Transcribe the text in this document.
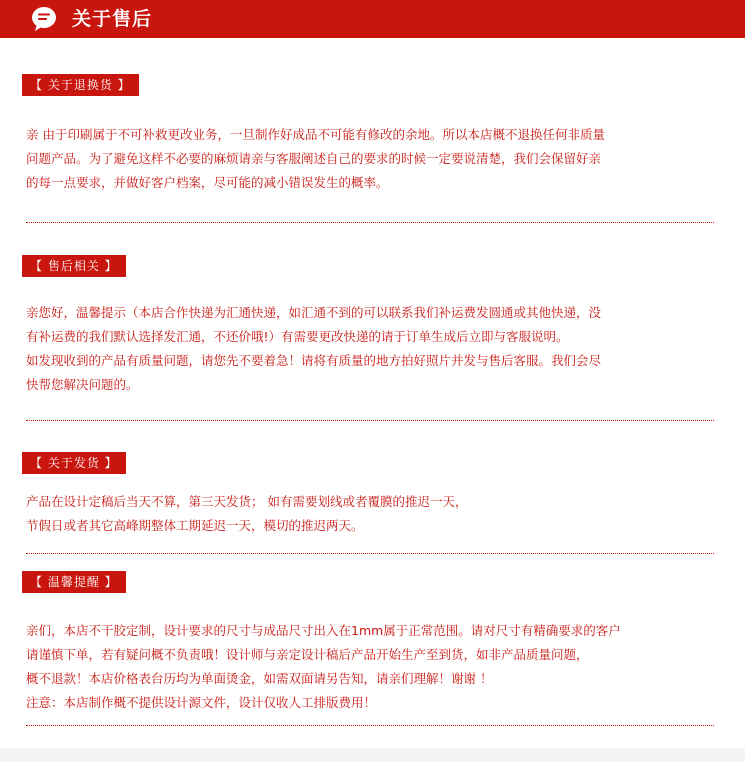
关于售后
【 关于退换货 】
亲 由于印刷属于不可补救更改业务，一旦制作好成品不可能有修改的余地。所以本店概不退换任何非质量
问题产品。为了避免这样不必要的麻烦请亲与客服阐述自己的要求的时候一定要说清楚，我们会保留好亲
的每一点要求，并做好客户档案，尽可能的减小错误发生的概率。
【 售后相关 】
亲您好，温馨提示（本店合作快递为汇通快递，如汇通不到的可以联系我们补运费发圆通或其他快递，没
有补运费的我们默认选择发汇通，不还价哦!）有需要更改快递的请于订单生成后立即与客服说明。
如发现收到的产品有质量问题，请您先不要着急！请将有质量的地方拍好照片并发与售后客服。我们会尽
快帮您解决问题的。
【 关于发货 】
产品在设计定稿后当天不算，第三天发货； 如有需要划线或者覆膜的推迟一天，
节假日或者其它高峰期整体工期延迟一天，模切的推迟两天。
【 温馨提醒 】
亲们，本店不干胶定制，设计要求的尺寸与成品尺寸出入在1mm属于正常范围。请对尺寸有精确要求的客户
请谨慎下单，若有疑问概不负责哦！设计师与亲定设计稿后产品开始生产至到货，如非产品质量问题，
概不退款！本店价格表台历均为单面烫金，如需双面请另告知，请亲们理解！谢谢 ！
注意：本店制作概不提供设计源文件，设计仅收人工排版费用！
